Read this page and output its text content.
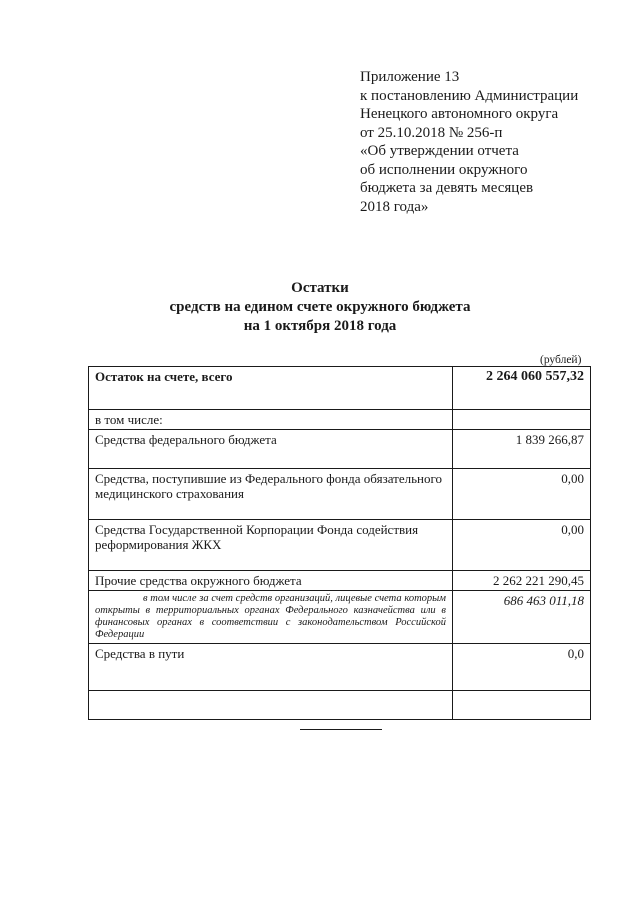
Приложение 13
к постановлению Администрации
Ненецкого автономного округа
от 25.10.2018 № 256-п
«Об утверждении отчета
об исполнении окружного
бюджета за девять месяцев
2018 года»
Остатки
средств на едином счете окружного бюджета
на 1 октября 2018 года
(рублей)
Остаток на счете, всего	2 264 060 557,32
в том числе:	
Средства федерального бюджета	1 839 266,87
Средства, поступившие из Федерального фонда обязательного медицинского страхования	0,00
Средства Государственной Корпорации Фонда содействия реформирования ЖКХ	0,00
Прочие средства окружного бюджета	2 262 221 290,45

в том числе за счет средств организаций, лицевые счета которым открыты в территориальных органах Федерального казначейства или в финансовых органах в соответствии с законодательством Российской Федерации	686 463 011,18
Средства в пути	0,0
